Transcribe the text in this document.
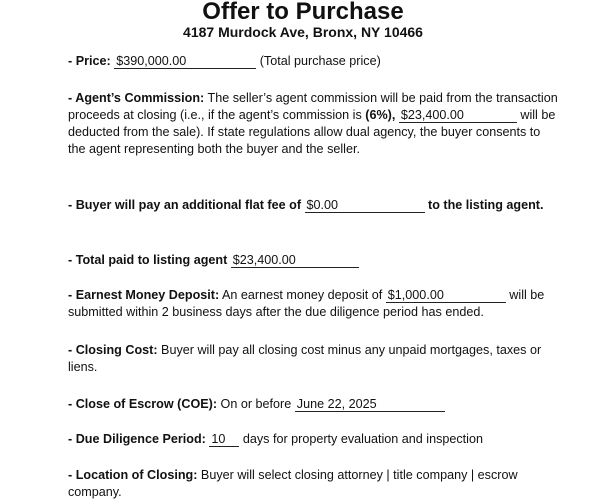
Offer to Purchase
4187 Murdock Ave, Bronx, NY 10466
- Price: $390,000.00	(Total purchase price)
- Agent’s Commission: The seller’s agent commission will be paid from the transaction proceeds at closing (i.e., if the agent’s commission is (6%), $23,400.00	will be deducted from the sale). If state regulations allow dual agency, the buyer consents to the agent representing both the buyer and the seller.
- Buyer will pay an additional flat fee of $0.00	to the listing agent.
- Total paid to listing agent $23,400.00
- Earnest Money Deposit: An earnest money deposit of $1,000.00	will be submitted within 2 business days after the due diligence period has ended.
- Closing Cost: Buyer will pay all closing cost minus any unpaid mortgages, taxes or liens.
- Close of Escrow (COE): On or before June 22, 2025
- Due Diligence Period: 10 days for property evaluation and inspection
- Location of Closing: Buyer will select closing attorney | title company | escrow company.
